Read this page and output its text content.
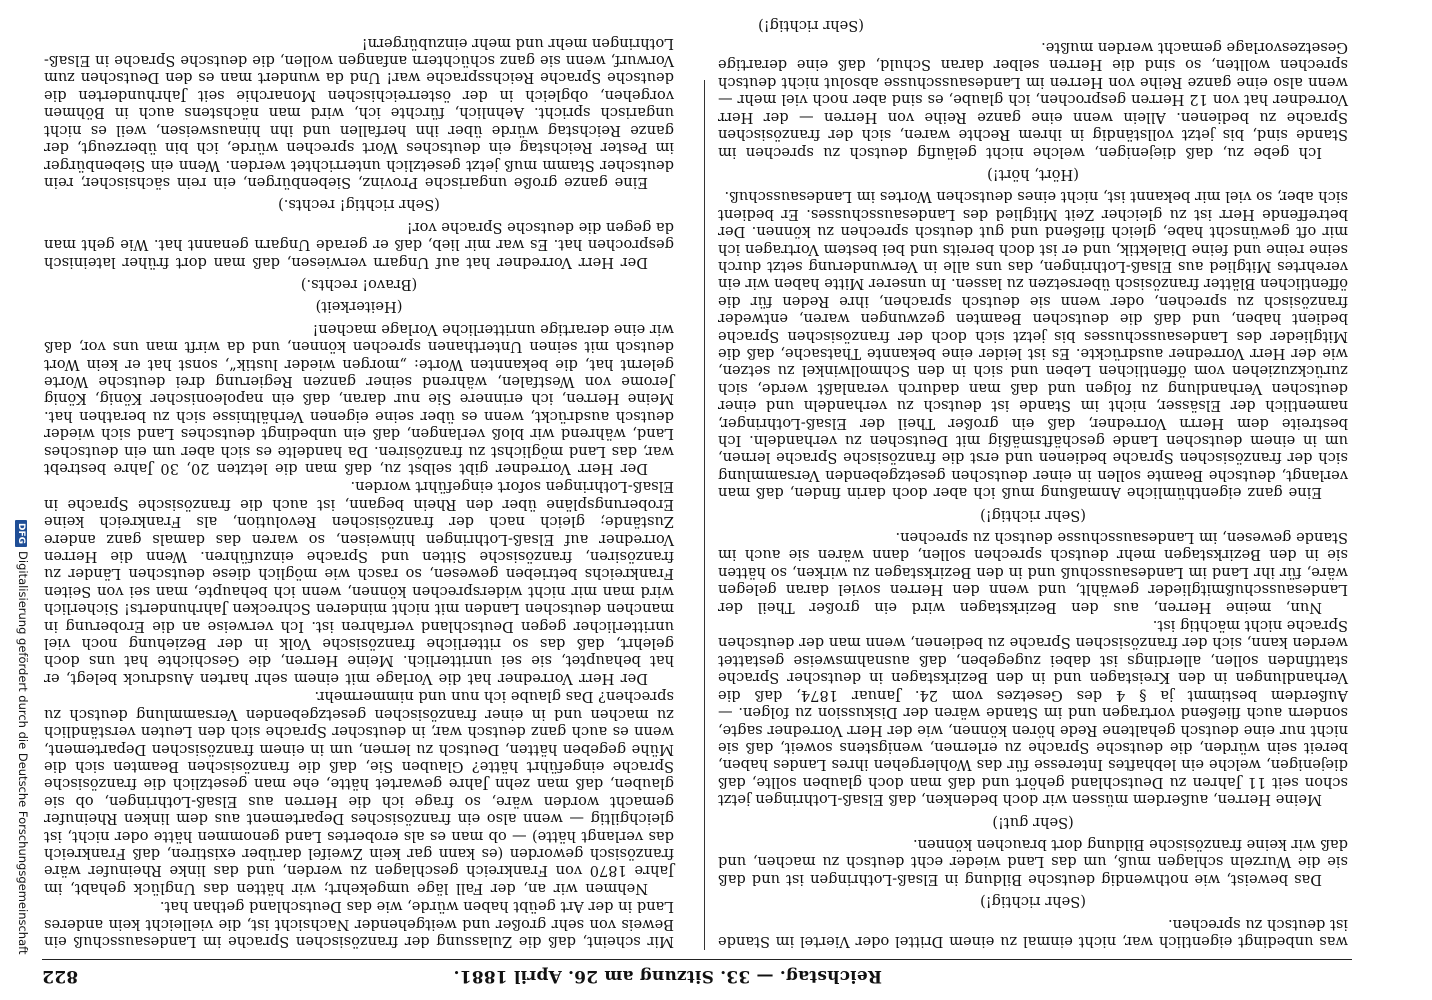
Reichstag. — 33. Sitzung am 26. April 1881.
822

was unbedingt eigentlich war, nicht einmal zu einem Drittel oder Viertel im Stande ist deutsch zu sprechen.

(Sehr richtig!)

Das beweist, wie nothwendig deutsche Bildung in Elsaß-Lothringen ist und daß sie die Wurzeln schlagen muß, um das Land wieder echt deutsch zu machen, und daß wir keine französische Bildung dort brauchen können.

(Sehr gut!)

Meine Herren, außerdem müssen wir doch bedenken, daß Elsaß-Lothringen jetzt schon seit 11 Jahren zu Deutschland gehört und daß man doch glauben sollte, daß diejenigen, welche ein lebhaftes Interesse für das Wohlergehen ihres Landes haben, bereit sein würden, die deutsche Sprache zu erlernen, wenigstens soweit, daß sie nicht nur eine deutsch gehaltene Rede hören können, wie der Herr Vorredner sagte, sondern auch fließend vortragen und im Stande wären der Diskussion zu folgen. — Außerdem bestimmt ja § 4 des Gesetzes vom 24. Januar 1874, daß die Verhandlungen in den Kreistagen und in den Bezirkstagen in deutscher Sprache stattfinden sollen, allerdings ist dabei zugegeben, daß ausnahmsweise gestattet werden kann, sich der französischen Sprache zu bedienen, wenn man der deutschen Sprache nicht mächtig ist.

Nun, meine Herren, aus den Bezirkstagen wird ein großer Theil der Landesausschußmitglieder gewählt, und wenn den Herren soviel daran gelegen wäre, für ihr Land im Landesausschuß und in den Bezirkstagen zu wirken, so hätten sie in den Bezirkstagen mehr deutsch sprechen sollen, dann wären sie auch im Stande gewesen, im Landesausschusse deutsch zu sprechen.

(Sehr richtig!)

Eine ganz eigenthümliche Anmaßung muß ich aber doch darin finden, daß man verlangt, deutsche Beamte sollen in einer deutschen gesetzgebenden Versammlung sich der französischen Sprache bedienen und erst die französische Sprache lernen, um in einem deutschen Lande geschäftsmäßig mit Deutschen zu verhandeln. Ich bestreite dem Herrn Vorredner, daß ein großer Theil der Elsaß-Lothringer, namentlich der Elsässer, nicht im Stande ist deutsch zu verhandeln und einer deutschen Verhandlung zu folgen und daß man dadurch veranlaßt werde, sich zurückzuziehen vom öffentlichen Leben und sich in den Schmollwinkel zu setzen, wie der Herr Vorredner ausdrückte. Es ist leider eine bekannte Thatsache, daß die Mitglieder des Landesausschusses bis jetzt sich doch der französischen Sprache bedient haben, und daß die deutschen Beamten gezwungen waren, entweder französisch zu sprechen, oder wenn sie deutsch sprachen, ihre Reden für die öffentlichen Blätter französisch übersetzen zu lassen. In unserer Mitte haben wir ein verehrtes Mitglied aus Elsaß-Lothringen, das uns alle in Verwunderung setzt durch seine reine und feine Dialektik, und er ist doch bereits und bei bestem Vortragen ich mir oft gewünscht habe, gleich fließend und gut deutsch sprechen zu können. Der betreffende Herr ist zu gleicher Zeit Mitglied des Landesausschusses. Er bedient sich aber, so viel mir bekannt ist, nicht eines deutschen Wortes im Landesausschuß.

(Hört, hört!)

Ich gebe zu, daß diejenigen, welche nicht geläufig deutsch zu sprechen im Stande sind, bis jetzt vollständig in ihrem Rechte waren, sich der französischen Sprache zu bedienen. Allein wenn eine ganze Reihe von Herren — der Herr Vorredner hat von 12 Herren gesprochen, ich glaube, es sind aber noch viel mehr — wenn also eine ganze Reihe von Herren im Landesausschusse absolut nicht deutsch sprechen wollten, so sind die Herren selber daran Schuld, daß eine derartige Gesetzesvorlage gemacht werden mußte.

(Sehr richtig!)

Mir scheint, daß die Zulassung der französischen Sprache im Landesausschuß ein Beweis von sehr großer und weitgehender Nachsicht ist, die vielleicht kein anderes Land in der Art geübt haben würde, wie das Deutschland gethan hat.

Nehmen wir an, der Fall läge umgekehrt; wir hätten das Unglück gehabt, im Jahre 1870 von Frankreich geschlagen zu werden, und das linke Rheinufer wäre französisch geworden (es kann gar kein Zweifel darüber existiren, daß Frankreich das verlangt hätte) — ob man es als erobertes Land genommen hätte oder nicht, ist gleichgiltig — wenn also ein französisches Departement aus dem linken Rheinufer gemacht worden wäre, so frage ich die Herren aus Elsaß-Lothringen, ob sie glauben, daß man zehn Jahre gewartet hätte, ehe man gesetzlich die französische Sprache eingeführt hätte? Glauben Sie, daß die französischen Beamten sich die Mühe gegeben hätten, Deutsch zu lernen, um in einem französischen Departement, wenn es auch ganz deutsch war, in deutscher Sprache sich den Leuten verständlich zu machen und in einer französischen gesetzgebenden Versammlung deutsch zu sprechen? Das glaube ich nun und nimmermehr.

Der Herr Vorredner hat die Vorlage mit einem sehr harten Ausdruck belegt, er hat behauptet, sie sei unritterlich. Meine Herren, die Geschichte hat uns doch gelehrt, daß das so ritterliche französische Volk in der Beziehung noch viel unritterlicher gegen Deutschland verfahren ist. Ich verweise an die Eroberung in manchen deutschen Landen mit nicht minderen Schrecken Jahrhunderts! Sicherlich wird man mir nicht widersprechen können, wenn ich behaupte, man sei von Seiten Frankreichs betrieben gewesen, so rasch wie möglich diese deutschen Länder zu französiren, französische Sitten und Sprache einzuführen. Wenn die Herren Vorredner auf Elsaß-Lothringen hinweisen, so waren das damals ganz andere Zustände; gleich nach der französischen Revolution, als Frankreich keine Eroberungspläne über den Rhein begann, ist auch die französische Sprache in Elsaß-Lothringen sofort eingeführt worden.

Der Herr Vorredner gibt selbst zu, daß man die letzten 20, 30 Jahre bestrebt war, das Land möglichst zu französiren. Da handelte es sich aber um ein deutsches Land, während wir bloß verlangen, daß ein unbedingt deutsches Land sich wieder deutsch ausdrückt, wenn es über seine eigenen Verhältnisse sich zu berathen hat. Meine Herren, ich erinnere Sie nur daran, daß ein napoleonischer König, König Jerome von Westfalen, während seiner ganzen Regierung drei deutsche Worte gelernt hat, die bekannten Worte: „morgen wieder lustik“, sonst hat er kein Wort deutsch mit seinen Unterthanen sprechen können, und da wirft man uns vor, daß wir eine derartige unritterliche Vorlage machen!

(Heiterkeit)

(Bravo! rechts.)

Der Herr Vorredner hat auf Ungarn verwiesen, daß man dort früher lateinisch gesprochen hat. Es war mir lieb, daß er gerade Ungarn genannt hat. Wie geht man da gegen die deutsche Sprache vor!

(Sehr richtig! rechts.)

Eine ganze große ungarische Provinz, Siebenbürgen, ein rein sächsischer, rein deutscher Stamm muß jetzt gesetzlich unterrichtet werden. Wenn ein Siebenbürger im Pester Reichstag ein deutsches Wort sprechen würde, ich bin überzeugt, der ganze Reichstag würde über ihn herfallen und ihn hinausweisen, weil es nicht ungarisch spricht. Aehnlich, fürchte ich, wird man nächstens auch in Böhmen vorgehen, obgleich in der österreichischen Monarchie seit Jahrhunderten die deutsche Sprache Reichssprache war! Und da wundert man es den Deutschen zum Vorwurf, wenn sie ganz schüchtern anfangen wollen, die deutsche Sprache in Elsaß-Lothringen mehr und mehr einzubürgern!

DFGDigitalisierung gefördert durch die Deutsche Forschungsgemeinschaft
